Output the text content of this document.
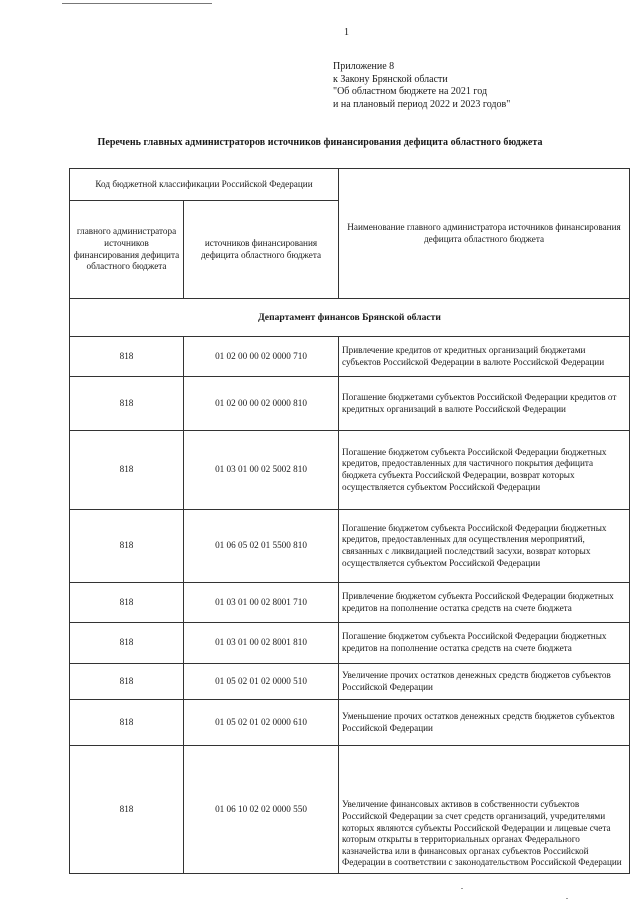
1
Приложение 8
к Закону Брянской области
"Об областном бюджете на 2021 год
и на плановый период 2022 и 2023 годов"
Перечень главных администраторов источников финансирования дефицита областного бюджета
Код бюджетной классификации Российской Федерации		Наименование главного администратора источников финансирования дефицита областного бюджета
главного администратора источников финансирования дефицита областного бюджета	источников финансирования дефицита областного бюджета	
Департамент финансов Брянской области		
818	01 02 00 00 02 0000 710	Привлечение кредитов от кредитных организаций бюджетами субъектов Российской Федерации в валюте Российской Федерации
818	01 02 00 00 02 0000 810	Погашение бюджетами субъектов Российской Федерации кредитов от кредитных организаций в валюте Российской Федерации
818	01 03 01 00 02 5002 810	Погашение бюджетом субъекта Российской Федерации бюджетных кредитов, предоставленных для частичного покрытия дефицита бюджета субъекта Российской Федерации, возврат которых осуществляется субъектом Российской Федерации
818	01 06 05 02 01 5500 810	Погашение бюджетом субъекта Российской Федерации бюджетных кредитов, предоставленных для осуществления мероприятий, связанных с ликвидацией последствий засухи, возврат которых осуществляется субъектом Российской Федерации
818	01 03 01 00 02 8001 710	Привлечение бюджетом субъекта Российской Федерации бюджетных кредитов на пополнение остатка средств на счете бюджета
818	01 03 01 00 02 8001 810	Погашение бюджетом субъекта Российской Федерации бюджетных кредитов на пополнение остатка средств на счете бюджета
818	01 05 02 01 02 0000 510	Увеличение прочих остатков денежных средств бюджетов субъектов Российской Федерации
818	01 05 02 01 02 0000 610	Уменьшение прочих остатков денежных средств бюджетов субъектов Российской Федерации
818	01 06 10 02 02 0000 550	Увеличение финансовых активов в собственности субъектов Российской Федерации за счет средств организаций, учредителями которых являются субъекты Российской Федерации и лицевые счета которым открыты в территориальных органах Федерального казначейства или в финансовых органах субъектов Российской Федерации в соответствии с законодательством Российской Федерации
